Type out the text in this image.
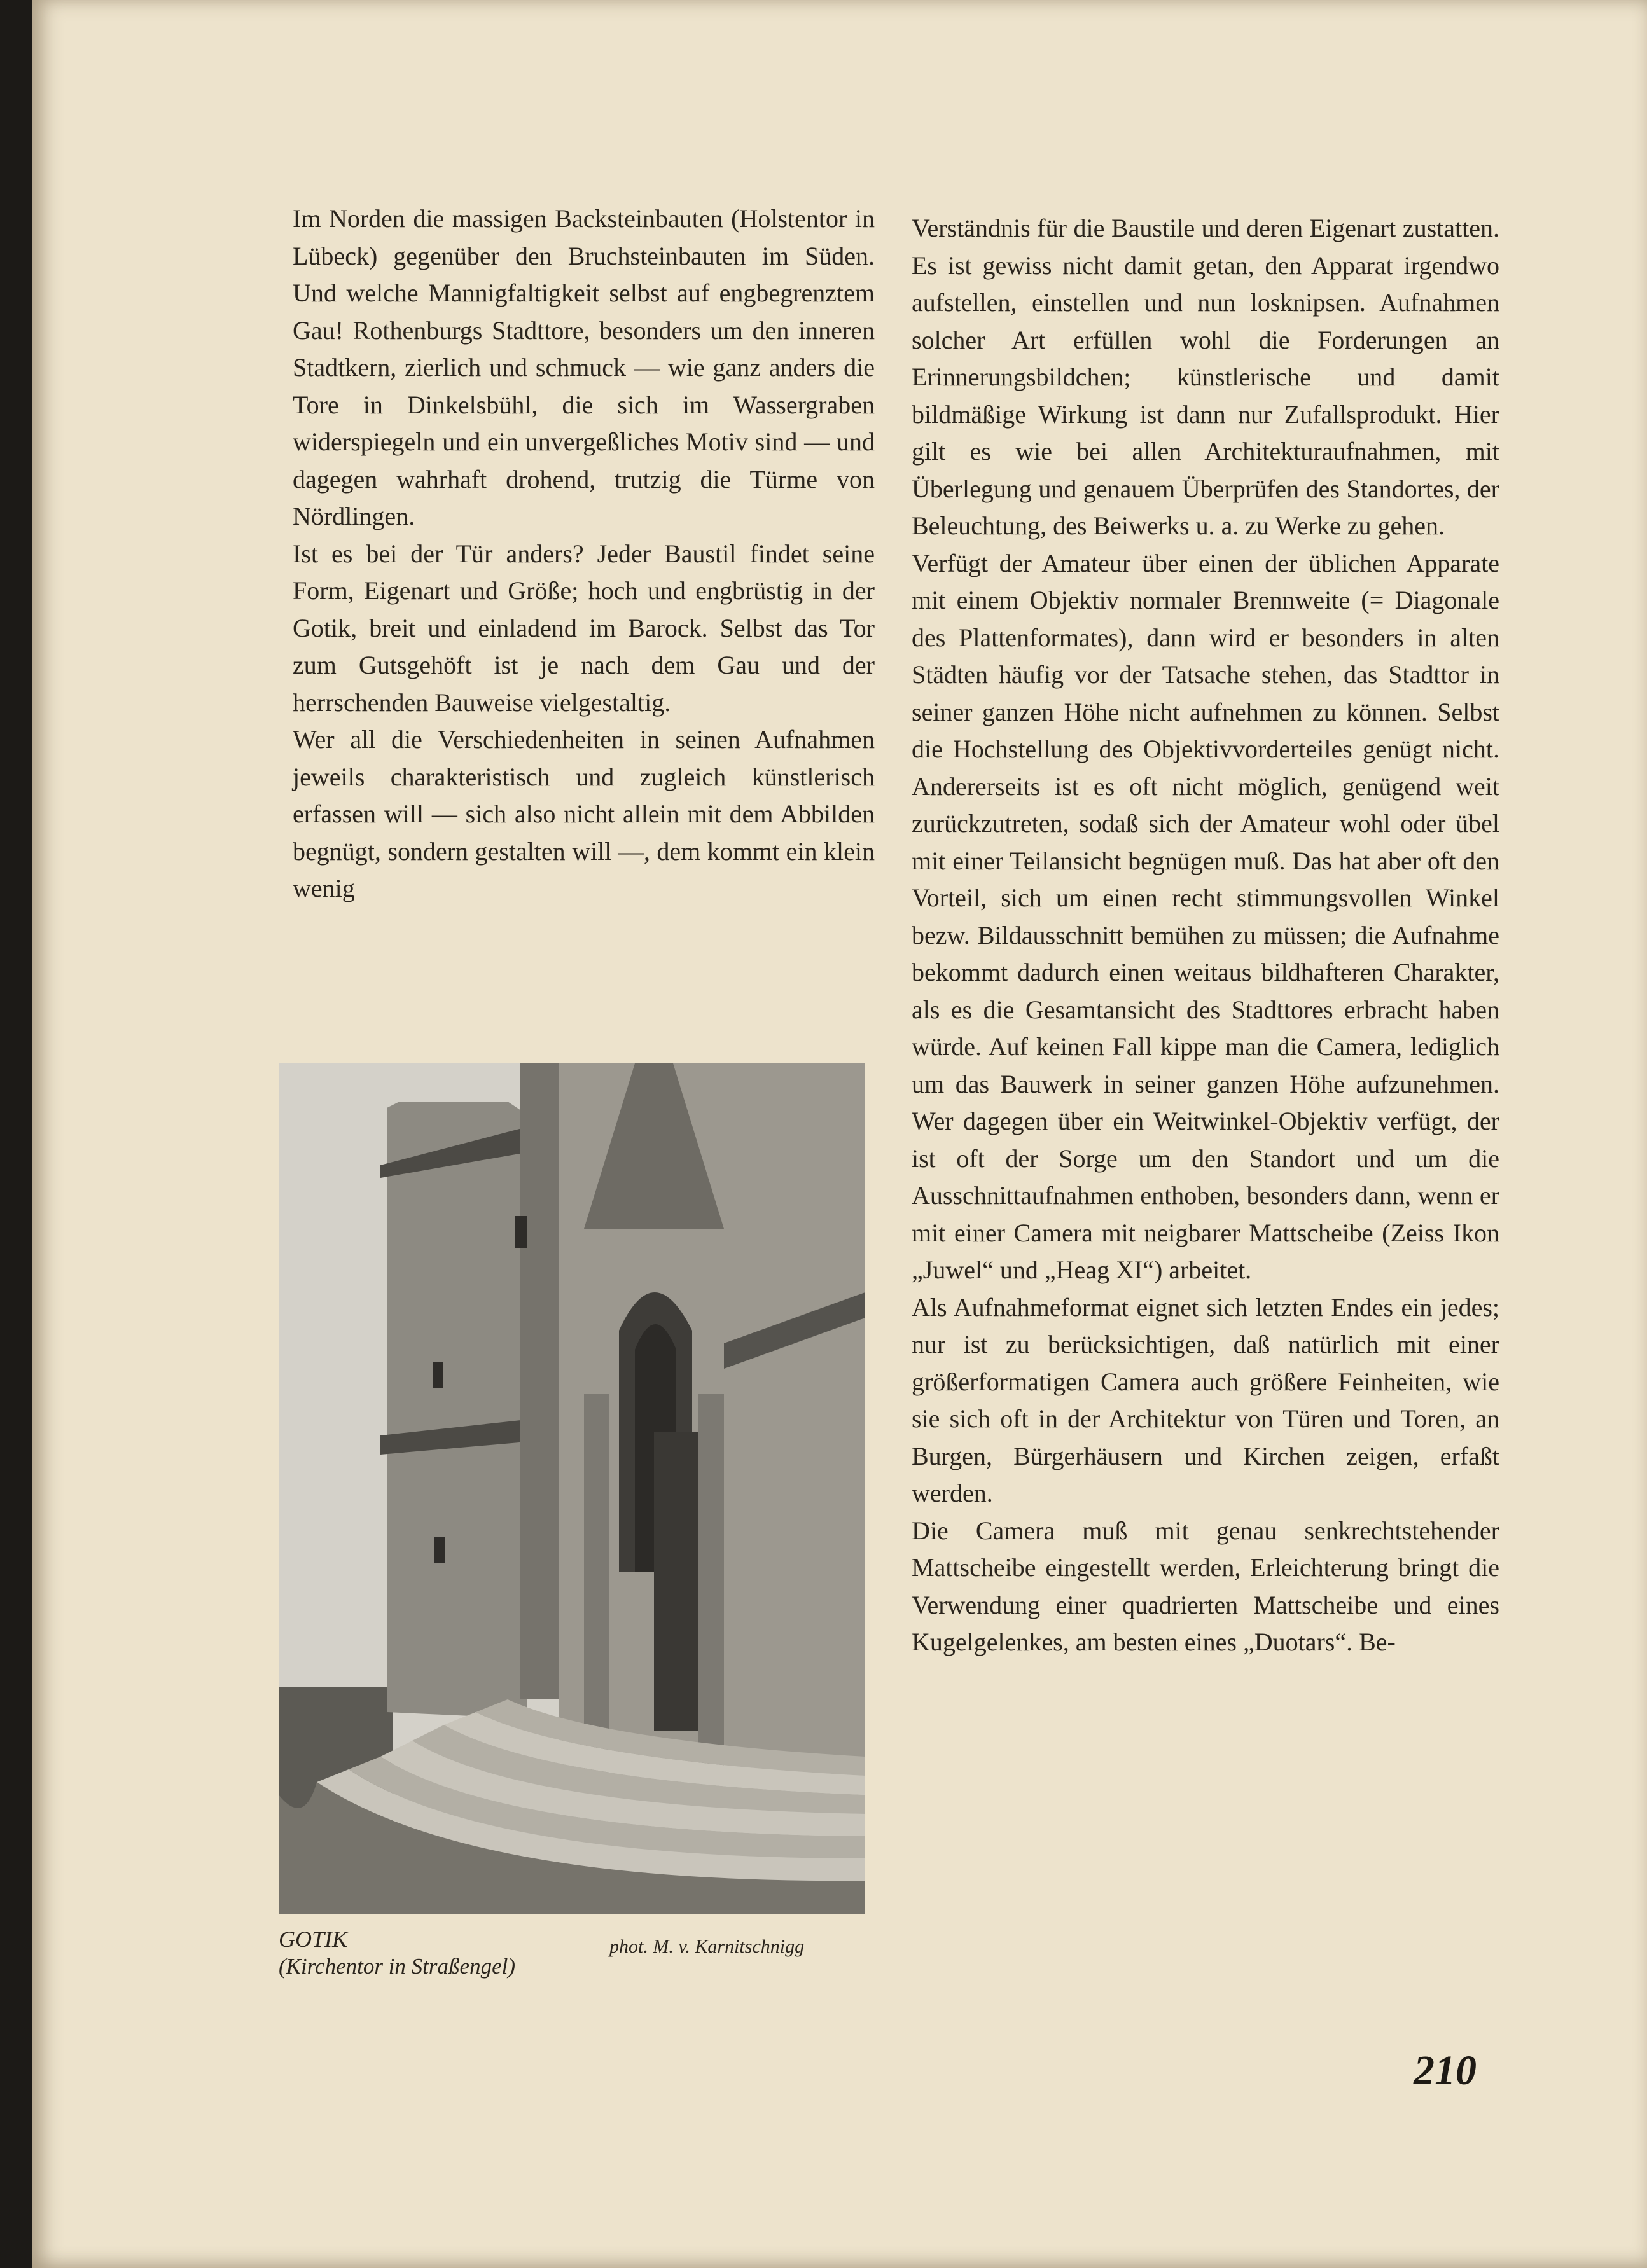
Im Norden die massigen Backsteinbauten (Holstentor in Lübeck) gegenüber den Bruchsteinbauten im Süden. Und welche Mannigfaltigkeit selbst auf engbegrenztem Gau! Rothenburgs Stadttore, besonders um den inneren Stadtkern, zierlich und schmuck — wie ganz anders die Tore in Dinkelsbühl, die sich im Wassergraben widerspiegeln und ein unvergeßliches Motiv sind — und dagegen wahrhaft drohend, trutzig die Türme von Nördlingen.

Ist es bei der Tür anders? Jeder Baustil findet seine Form, Eigenart und Größe; hoch und engbrüstig in der Gotik, breit und einladend im Barock. Selbst das Tor zum Gutsgehöft ist je nach dem Gau und der herrschenden Bauweise vielgestaltig.

Wer all die Verschiedenheiten in seinen Aufnahmen jeweils charakteristisch und zugleich künstlerisch erfassen will — sich also nicht allein mit dem Abbilden begnügt, sondern gestalten will —, dem kommt ein klein wenig

GOTIK
(Kirchentor in Straßengel)
phot. M. v. Karnitschnigg

Verständnis für die Baustile und deren Eigenart zustatten. Es ist gewiss nicht damit getan, den Apparat irgendwo aufstellen, einstellen und nun losknipsen. Aufnahmen solcher Art erfüllen wohl die Forderungen an Erinnerungsbildchen; künstlerische und damit bildmäßige Wirkung ist dann nur Zufallsprodukt. Hier gilt es wie bei allen Architekturaufnahmen, mit Überlegung und genauem Überprüfen des Standortes, der Beleuchtung, des Beiwerks u. a. zu Werke zu gehen.

Verfügt der Amateur über einen der üblichen Apparate mit einem Objektiv normaler Brennweite (= Diagonale des Plattenformates), dann wird er besonders in alten Städten häufig vor der Tatsache stehen, das Stadttor in seiner ganzen Höhe nicht aufnehmen zu können. Selbst die Hochstellung des Objektivvorderteiles genügt nicht. Andererseits ist es oft nicht möglich, genügend weit zurückzutreten, sodaß sich der Amateur wohl oder übel mit einer Teilansicht begnügen muß. Das hat aber oft den Vorteil, sich um einen recht stimmungsvollen Winkel bezw. Bildausschnitt bemühen zu müssen; die Aufnahme bekommt dadurch einen weitaus bildhafteren Charakter, als es die Gesamtansicht des Stadttores erbracht haben würde. Auf keinen Fall kippe man die Camera, lediglich um das Bauwerk in seiner ganzen Höhe aufzunehmen. Wer dagegen über ein Weitwinkel-Objektiv verfügt, der ist oft der Sorge um den Standort und um die Ausschnittaufnahmen enthoben, besonders dann, wenn er mit einer Camera mit neigbarer Mattscheibe (Zeiss Ikon „Juwel“ und „Heag XI“) arbeitet.

Als Aufnahmeformat eignet sich letzten Endes ein jedes; nur ist zu berücksichtigen, daß natürlich mit einer größerformatigen Camera auch größere Feinheiten, wie sie sich oft in der Architektur von Türen und Toren, an Burgen, Bürgerhäusern und Kirchen zeigen, erfaßt werden.

Die Camera muß mit genau senkrechtstehender Mattscheibe eingestellt werden, Erleichterung bringt die Verwendung einer quadrierten Mattscheibe und eines Kugelgelenkes, am besten eines „Duotars“. Be-

210
